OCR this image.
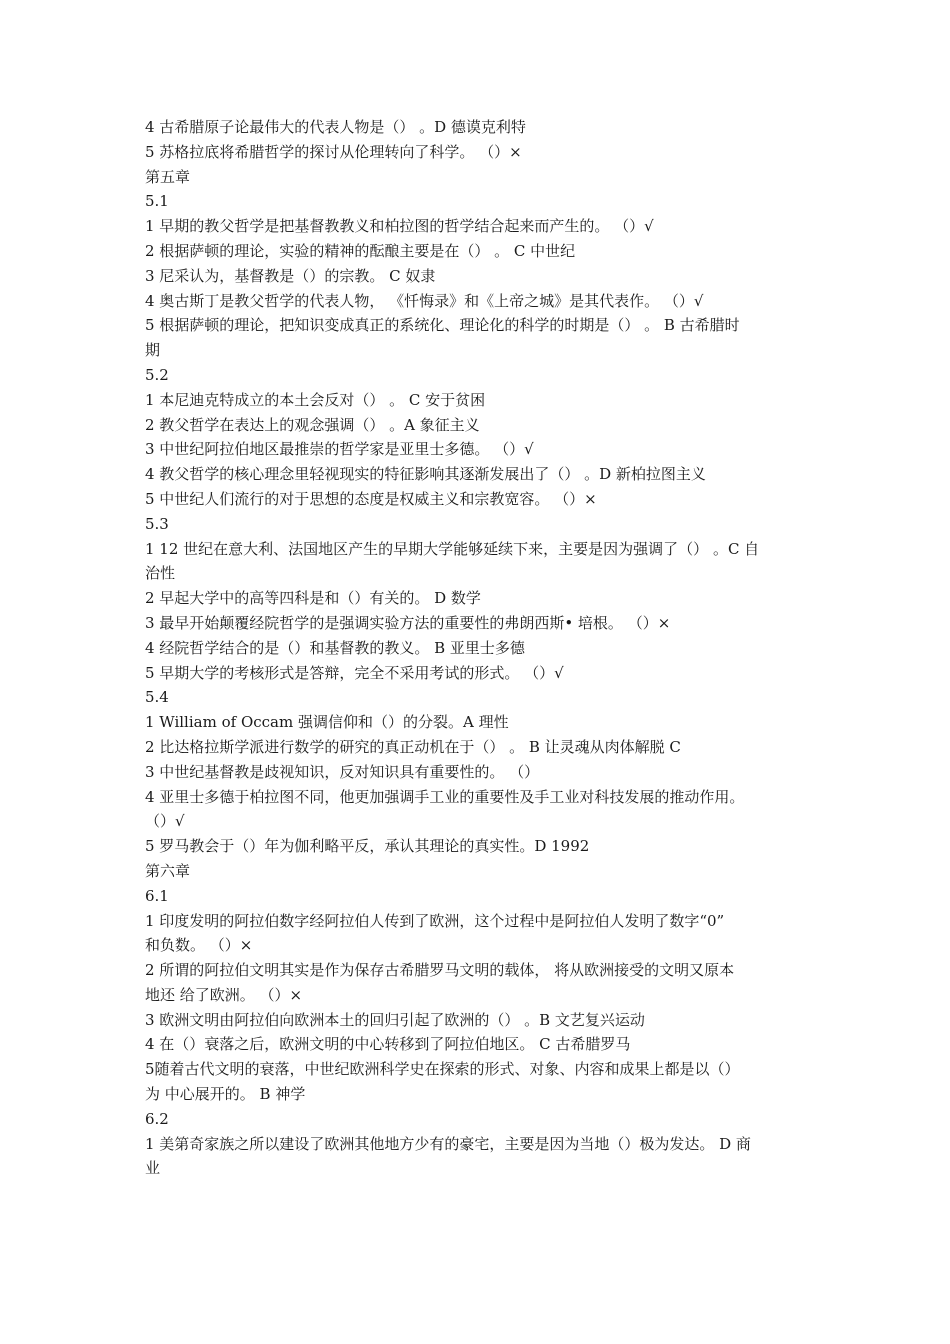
4 古希腊原子论最伟大的代表人物是（） 。D 德谟克利特
5 苏格拉底将希腊哲学的探讨从伦理转向了科学。 （）×
第五章
5.1
1 早期的教父哲学是把基督教教义和柏拉图的哲学结合起来而产生的。 （）√
2 根据萨顿的理论，实验的精神的酝酿主要是在（） 。 C 中世纪
3 尼采认为，基督教是（）的宗教。 C 奴隶
4 奥古斯丁是教父哲学的代表人物， 《忏悔录》和《上帝之城》是其代表作。 （）√
5 根据萨顿的理论，把知识变成真正的系统化、理论化的科学的时期是（） 。 B 古希腊时
期
5.2
1 本尼迪克特成立的本土会反对（） 。 C 安于贫困
2 教父哲学在表达上的观念强调（） 。A 象征主义
3 中世纪阿拉伯地区最推崇的哲学家是亚里士多德。 （）√
4 教父哲学的核心理念里轻视现实的特征影响其逐渐发展出了（） 。D 新柏拉图主义
5 中世纪人们流行的对于思想的态度是权威主义和宗教宽容。 （）×
5.3
1 12 世纪在意大利、法国地区产生的早期大学能够延续下来，主要是因为强调了（） 。C 自
治性
2 早起大学中的高等四科是和（）有关的。 D 数学
3 最早开始颠覆经院哲学的是强调实验方法的重要性的弗朗西斯• 培根。 （）×
4 经院哲学结合的是（）和基督教的教义。 B 亚里士多德
5 早期大学的考核形式是答辩，完全不采用考试的形式。 （）√
5.4
1 William of Occam 强调信仰和（）的分裂。A 理性
2 比达格拉斯学派进行数学的研究的真正动机在于（） 。 B 让灵魂从肉体解脱 C
3 中世纪基督教是歧视知识，反对知识具有重要性的。 （）
4 亚里士多德于柏拉图不同，他更加强调手工业的重要性及手工业对科技发展的推动作用。
（）√
5 罗马教会于（）年为伽利略平反，承认其理论的真实性。D 1992
第六章
6.1
1 印度发明的阿拉伯数字经阿拉伯人传到了欧洲，这个过程中是阿拉伯人发明了数字“0”
和负数。 （）×
2 所谓的阿拉伯文明其实是作为保存古希腊罗马文明的载体， 将从欧洲接受的文明又原本
地还 给了欧洲。 （）×
3 欧洲文明由阿拉伯向欧洲本土的回归引起了欧洲的（） 。B 文艺复兴运动
4 在（）衰落之后，欧洲文明的中心转移到了阿拉伯地区。 C 古希腊罗马
5随着古代文明的衰落，中世纪欧洲科学史在探索的形式、对象、内容和成果上都是以（）
为 中心展开的。 B 神学
6.2
1 美第奇家族之所以建设了欧洲其他地方少有的豪宅，主要是因为当地（）极为发达。 D 商
业
